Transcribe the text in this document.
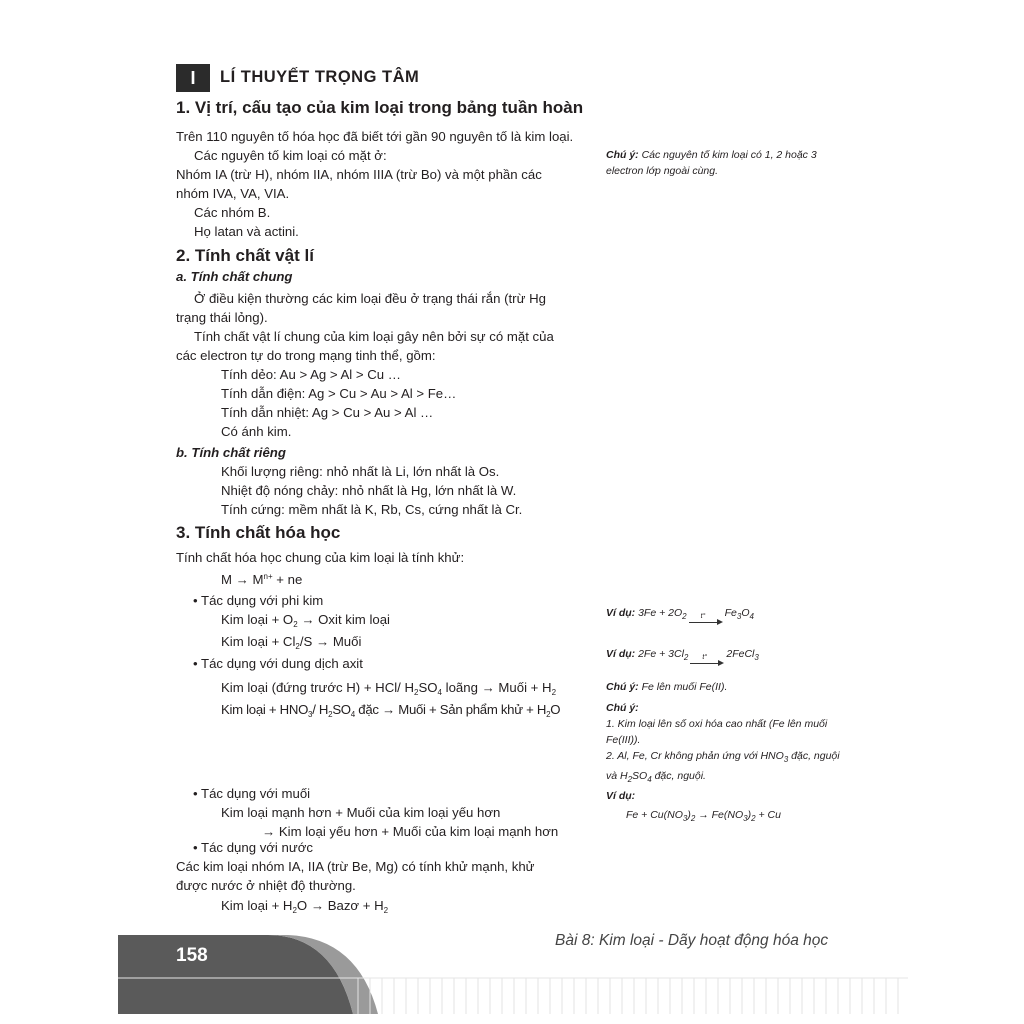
I	LÍ THUYẾT TRỌNG TÂM
1. Vị trí, cấu tạo của kim loại trong bảng tuần hoàn
Trên 110 nguyên tố hóa học đã biết tới gần 90 nguyên tố là kim loại.
Các nguyên tố kim loại có mặt ở:
Nhóm IA (trừ H), nhóm IIA, nhóm IIIA (trừ Bo) và một phần các
nhóm IVA, VA, VIA.
Các nhóm B.
Họ latan và actini.
2. Tính chất vật lí
a. Tính chất chung
Ở điều kiện thường các kim loại đều ở trạng thái rắn (trừ Hg
trạng thái lỏng).
Tính chất vật lí chung của kim loại gây nên bởi sự có mặt của
các electron tự do trong mạng tinh thể, gồm:
Tính dẻo: Au > Ag > Al > Cu …
Tính dẫn điện: Ag > Cu > Au > Al > Fe…
Tính dẫn nhiệt: Ag > Cu > Au > Al …
Có ánh kim.
b. Tính chất riêng
Khối lượng riêng: nhỏ nhất là Li, lớn nhất là Os.
Nhiệt độ nóng chảy: nhỏ nhất là Hg, lớn nhất là W.
Tính cứng: mềm nhất là K, Rb, Cs, cứng nhất là Cr.
3. Tính chất hóa học
Tính chất hóa học chung của kim loại là tính khử:
$M \to M^{n+}$ + ne
• Tác dụng với phi kim
Kim loại + $O_2$ → Oxit kim loại
Kim loại + $Cl_2/S$ → Muối
• Tác dụng với dung dịch axit
Kim loại (đứng trước H) + HCl/ $H_2SO_4$ loãng → Muối + $H_2$
Kim loại + $HNO_3/$ $H_2SO_4$ đặc → Muối + Sản phẩm khử + $H_2O$
• Tác dụng với muối
Kim loại mạnh hơn + Muối của kim loại yếu hơn
→ Kim loại yếu hơn + Muối của kim loại mạnh hơn
• Tác dụng với nước
Các kim loại nhóm IA, IIA (trừ Be, Mg) có tính khử mạnh, khử
được nước ở nhiệt độ thường.
Kim loại + $H_2O$ → Bazơ + $H_2$
Chú ý: Các nguyên tố kim loại có 1, 2 hoặc 3 electron lớp ngoài cùng.
Ví dụ: $3Fe + 2O_2$ t° $Fe_3O_4$
Ví dụ: $2Fe + 3Cl_2$ t° 2FeCl$_3$
Chú ý: Fe lên muối Fe(II).
Chú ý:
1. Kim loại lên số oxi hóa cao nhất (Fe lên muối Fe(III)).
2. Al, Fe, Cr không phản ứng với $HNO_3$ đặc, nguội
và $H_2SO_4$ đặc, nguội.
Ví dụ:
$Fe + Cu(NO_3)_2 \to Fe(NO_3)_2 + Cu$
158
Bài 8: Kim loại - Dãy hoạt động hóa học
